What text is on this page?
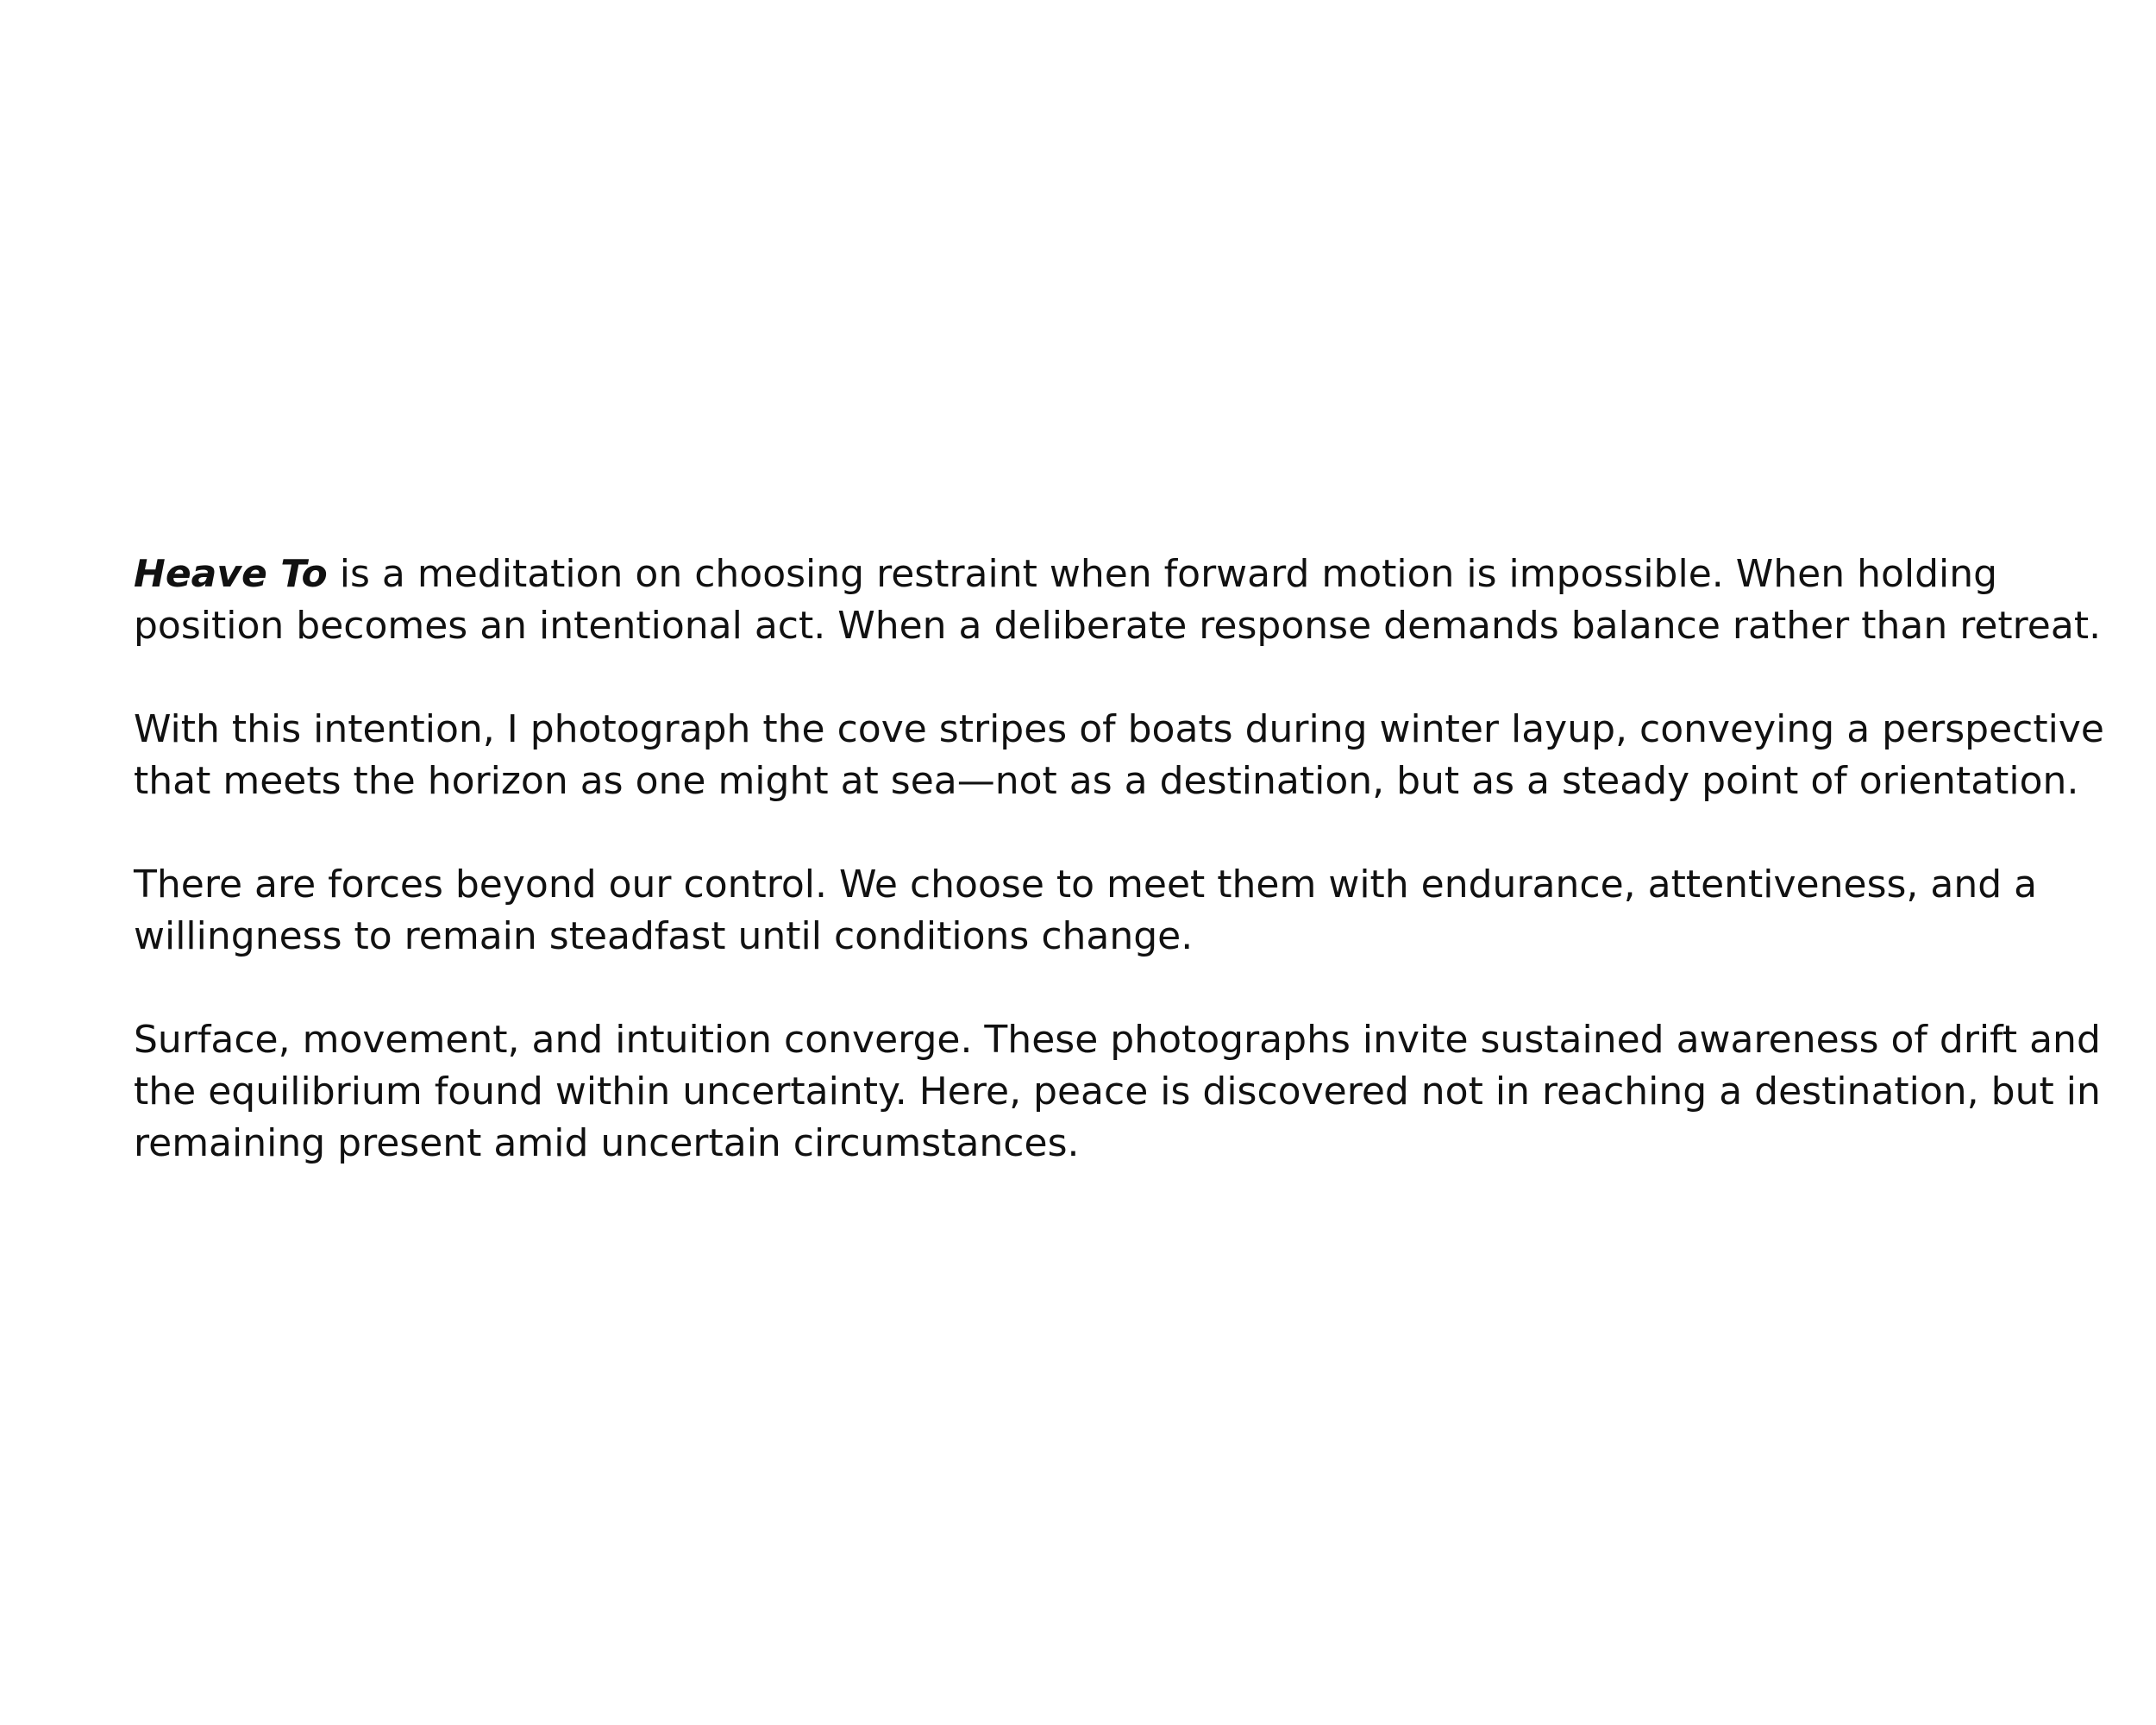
Heave To is a meditation on choosing restraint when forward motion is impossible. When holding
position becomes an intentional act. When a deliberate response demands balance rather than retreat.

With this intention, I photograph the cove stripes of boats during winter layup, conveying a perspective
that meets the horizon as one might at sea—not as a destination, but as a steady point of orientation.

There are forces beyond our control. We choose to meet them with endurance, attentiveness, and a
willingness to remain steadfast until conditions change.

Surface, movement, and intuition converge. These photographs invite sustained awareness of drift and
the equilibrium found within uncertainty. Here, peace is discovered not in reaching a destination, but in
remaining present amid uncertain circumstances.
